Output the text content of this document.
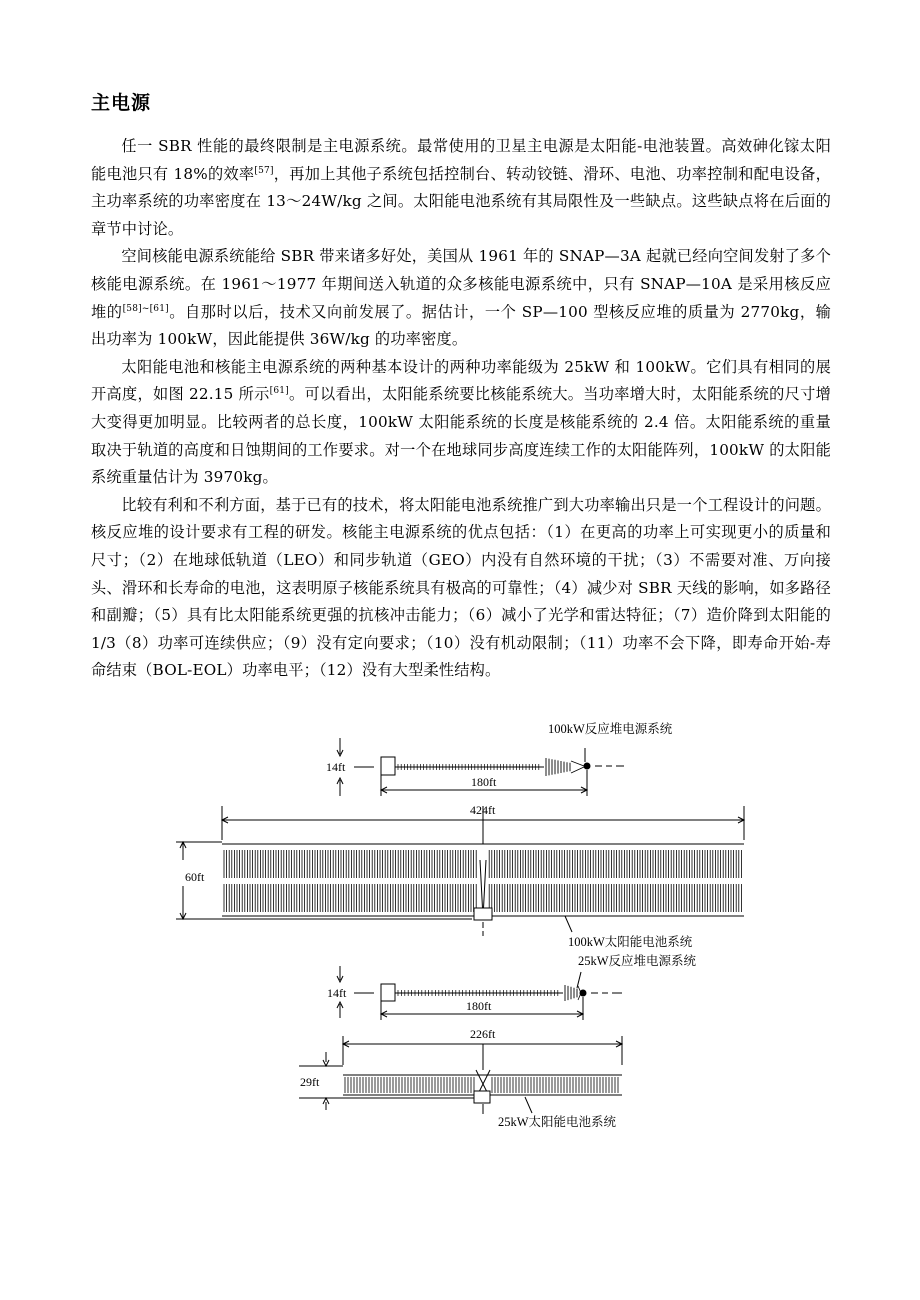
主电源

任一 SBR 性能的最终限制是主电源系统。最常使用的卫星主电源是太阳能-电池装置。高效砷化镓太阳能电池只有 18%的效率[57]，再加上其他子系统包括控制台、转动铰链、滑环、电池、功率控制和配电设备，主功率系统的功率密度在 13～24W/kg 之间。太阳能电池系统有其局限性及一些缺点。这些缺点将在后面的章节中讨论。

空间核能电源系统能给 SBR 带来诸多好处，美国从 1961 年的 SNAP—3A 起就已经向空间发射了多个核能电源系统。在 1961～1977 年期间送入轨道的众多核能电源系统中，只有 SNAP—10A 是采用核反应堆的[58]~[61]。自那时以后，技术又向前发展了。据估计，一个 SP—100 型核反应堆的质量为 2770kg，输出功率为 100kW，因此能提供 36W/kg 的功率密度。

太阳能电池和核能主电源系统的两种基本设计的两种功率能级为 25kW 和 100kW。它们具有相同的展开高度，如图 22.15 所示[61]。可以看出，太阳能系统要比核能系统大。当功率增大时，太阳能系统的尺寸增大变得更加明显。比较两者的总长度，100kW 太阳能系统的长度是核能系统的 2.4 倍。太阳能系统的重量取决于轨道的高度和日蚀期间的工作要求。对一个在地球同步高度连续工作的太阳能阵列，100kW 的太阳能系统重量估计为 3970kg。

比较有利和不利方面，基于已有的技术，将太阳能电池系统推广到大功率输出只是一个工程设计的问题。核反应堆的设计要求有工程的研发。核能主电源系统的优点包括：（1）在更高的功率上可实现更小的质量和尺寸；（2）在地球低轨道（LEO）和同步轨道（GEO）内没有自然环境的干扰；（3）不需要对准、万向接头、滑环和长寿命的电池，这表明原子核能系统具有极高的可靠性；（4）减少对 SBR 天线的影响，如多路径和副瓣；（5）具有比太阳能系统更强的抗核冲击能力；（6）减小了光学和雷达特征；（7）造价降到太阳能的 1/3（8）功率可连续供应；（9）没有定向要求；（10）没有机动限制；（11）功率不会下降，即寿命开始-寿命结束（BOL-EOL）功率电平；（12）没有大型柔性结构。

100kW反应堆电源系统
14ft
180ft
424ft
60ft
100kW太阳能电池系统
25kW反应堆电源系统
14ft
180ft
226ft
29ft
25kW太阳能电池系统
